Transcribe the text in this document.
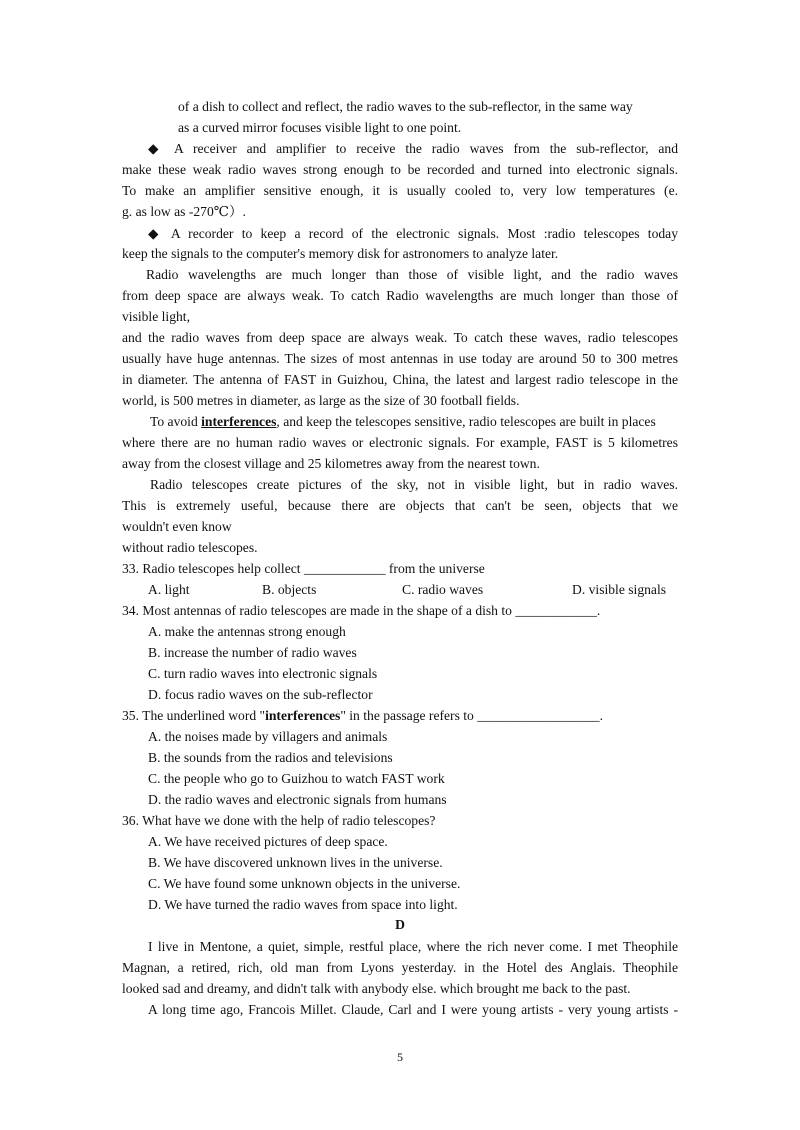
of a dish to collect and reflect, the radio waves to the sub-reflector, in the same way
as a curved mirror focuses visible light to one point.
◆ A receiver and amplifier to receive the radio waves from the sub-reflector, and
make these weak radio waves strong enough to be recorded and turned into electronic signals.
To make an amplifier sensitive enough, it is usually cooled to, very low temperatures (e.
g. as low as -270℃）.
◆ A recorder to keep a record of the electronic signals. Most :radio telescopes today
keep the signals to the computer's memory disk for astronomers to analyze later.
Radio wavelengths are much longer than those of visible light, and the radio waves
from deep space are always weak. To catch Radio wavelengths are much longer than those of
visible light,
and the radio waves from deep space are always weak. To catch these waves, radio telescopes
usually have huge antennas. The sizes of most antennas in use today are around 50 to 300 metres
in diameter. The antenna of FAST in Guizhou, China, the latest and largest radio telescope in the
world, is 500 metres in diameter, as large as the size of 30 football fields.
To avoid interferences, and keep the telescopes sensitive, radio telescopes are built in places
where there are no human radio waves or electronic signals. For example, FAST is 5 kilometres
away from the closest village and 25 kilometres away from the nearest town.
Radio telescopes create pictures of the sky, not in visible light, but in radio waves.
This is extremely useful, because there are objects that can't be seen, objects that we
wouldn't even know
without radio telescopes.
33. Radio telescopes help collect ____________ from the universe
A. light	B. objects	C. radio waves	D. visible signals
34. Most antennas of radio telescopes are made in the shape of a dish to ____________.
A. make the antennas strong enough
B. increase the number of radio waves
C. turn radio waves into electronic signals
D. focus radio waves on the sub-reflector
35. The underlined word "interferences" in the passage refers to __________________.
A. the noises made by villagers and animals
B. the sounds from the radios and televisions
C. the people who go to Guizhou to watch FAST work
D. the radio waves and electronic signals from humans
36. What have we done with the help of radio telescopes?
A. We have received pictures of deep space.
B. We have discovered unknown lives in the universe.
C. We have found some unknown objects in the universe.
D. We have turned the radio waves from space into light.
D
I live in Mentone, a quiet, simple, restful place, where the rich never come. I met Theophile
Magnan, a retired, rich, old man from Lyons yesterday. in the Hotel des Anglais. Theophile
looked sad and dreamy, and didn't talk with anybody else. which brought me back to the past.
A long time ago, Francois Millet. Claude, Carl and I were young artists - very young artists -
5
